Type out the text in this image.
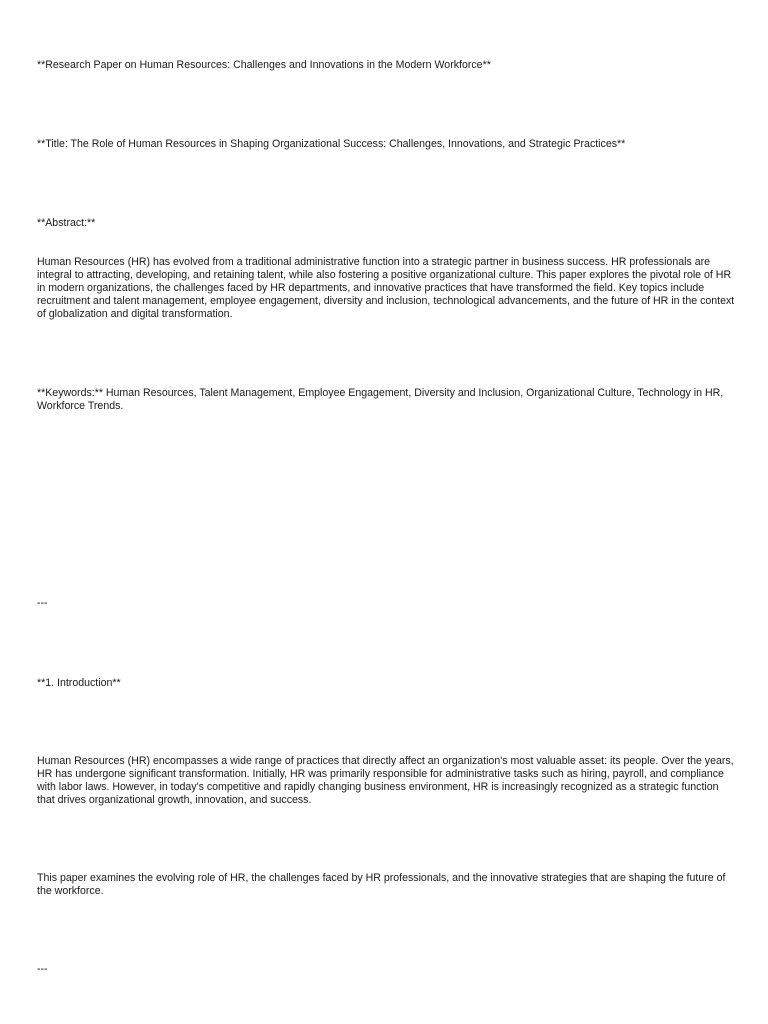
**Research Paper on Human Resources: Challenges and Innovations in the Modern Workforce**

**Title: The Role of Human Resources in Shaping Organizational Success: Challenges, Innovations, and Strategic Practices**

**Abstract:**

Human Resources (HR) has evolved from a traditional administrative function into a strategic partner in business success. HR professionals are integral to attracting, developing, and retaining talent, while also fostering a positive organizational culture. This paper explores the pivotal role of HR in modern organizations, the challenges faced by HR departments, and innovative practices that have transformed the field. Key topics include recruitment and talent management, employee engagement, diversity and inclusion, technological advancements, and the future of HR in the context of globalization and digital transformation.

**Keywords:** Human Resources, Talent Management, Employee Engagement, Diversity and Inclusion, Organizational Culture, Technology in HR, Workforce Trends.

---

**1. Introduction**

Human Resources (HR) encompasses a wide range of practices that directly affect an organization's most valuable asset: its people. Over the years, HR has undergone significant transformation. Initially, HR was primarily responsible for administrative tasks such as hiring, payroll, and compliance with labor laws. However, in today's competitive and rapidly changing business environment, HR is increasingly recognized as a strategic function that drives organizational growth, innovation, and success.

This paper examines the evolving role of HR, the challenges faced by HR professionals, and the innovative strategies that are shaping the future of the workforce.

---
